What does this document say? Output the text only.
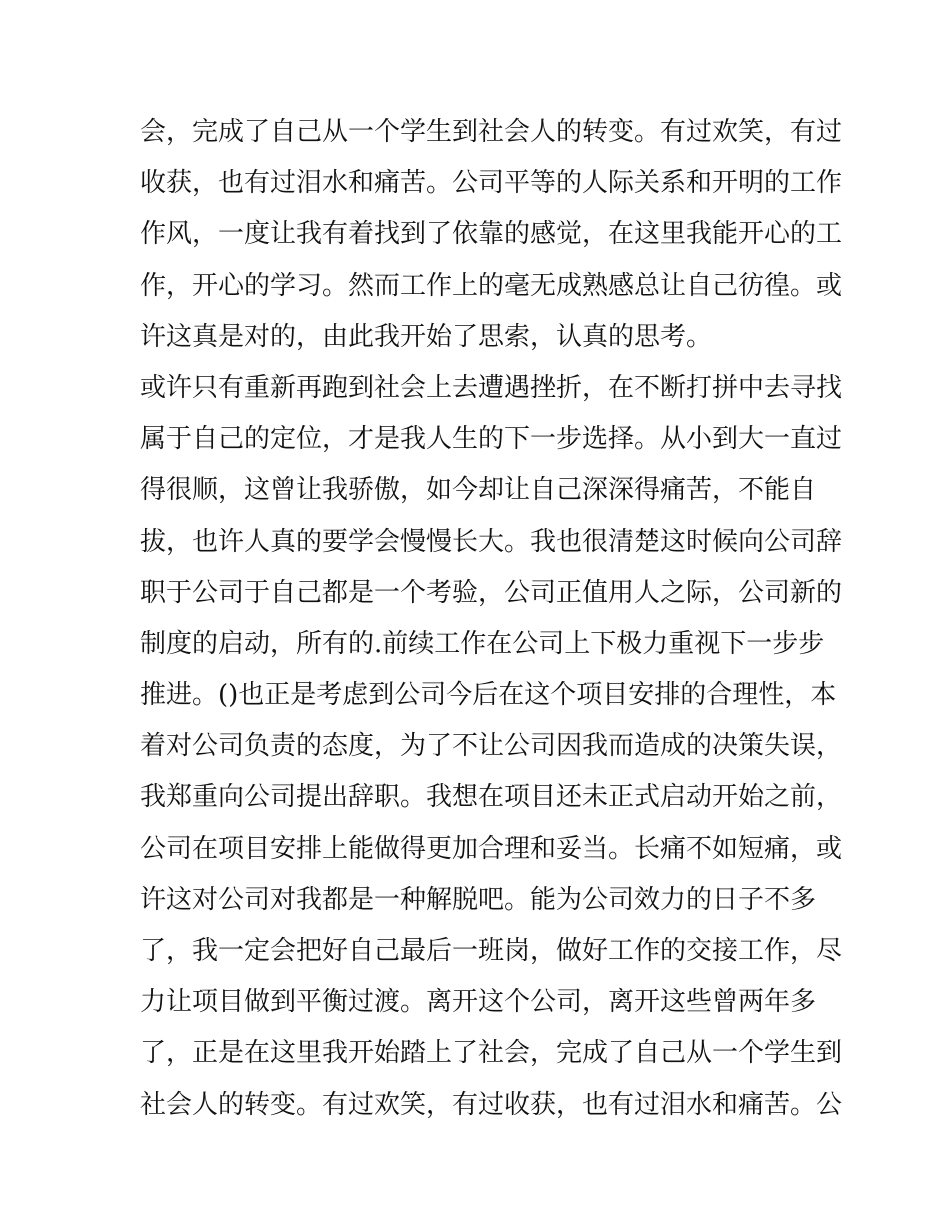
会，完成了自己从一个学生到社会人的转变。有过欢笑，有过
收获，也有过泪水和痛苦。公司平等的人际关系和开明的工作
作风，一度让我有着找到了依靠的感觉，在这里我能开心的工
作，开心的学习。然而工作上的毫无成熟感总让自己彷徨。或
许这真是对的，由此我开始了思索，认真的思考。
或许只有重新再跑到社会上去遭遇挫折，在不断打拼中去寻找
属于自己的定位，才是我人生的下一步选择。从小到大一直过
得很顺，这曾让我骄傲，如今却让自己深深得痛苦，不能自
拔，也许人真的要学会慢慢长大。我也很清楚这时候向公司辞
职于公司于自己都是一个考验，公司正值用人之际，公司新的
制度的启动，所有的.前续工作在公司上下极力重视下一步步
推进。()也正是考虑到公司今后在这个项目安排的合理性，本
着对公司负责的态度，为了不让公司因我而造成的决策失误，
我郑重向公司提出辞职。我想在项目还未正式启动开始之前，
公司在项目安排上能做得更加合理和妥当。长痛不如短痛，或
许这对公司对我都是一种解脱吧。能为公司效力的日子不多
了，我一定会把好自己最后一班岗，做好工作的交接工作，尽
力让项目做到平衡过渡。离开这个公司，离开这些曾两年多
了，正是在这里我开始踏上了社会，完成了自己从一个学生到
社会人的转变。有过欢笑，有过收获，也有过泪水和痛苦。公
